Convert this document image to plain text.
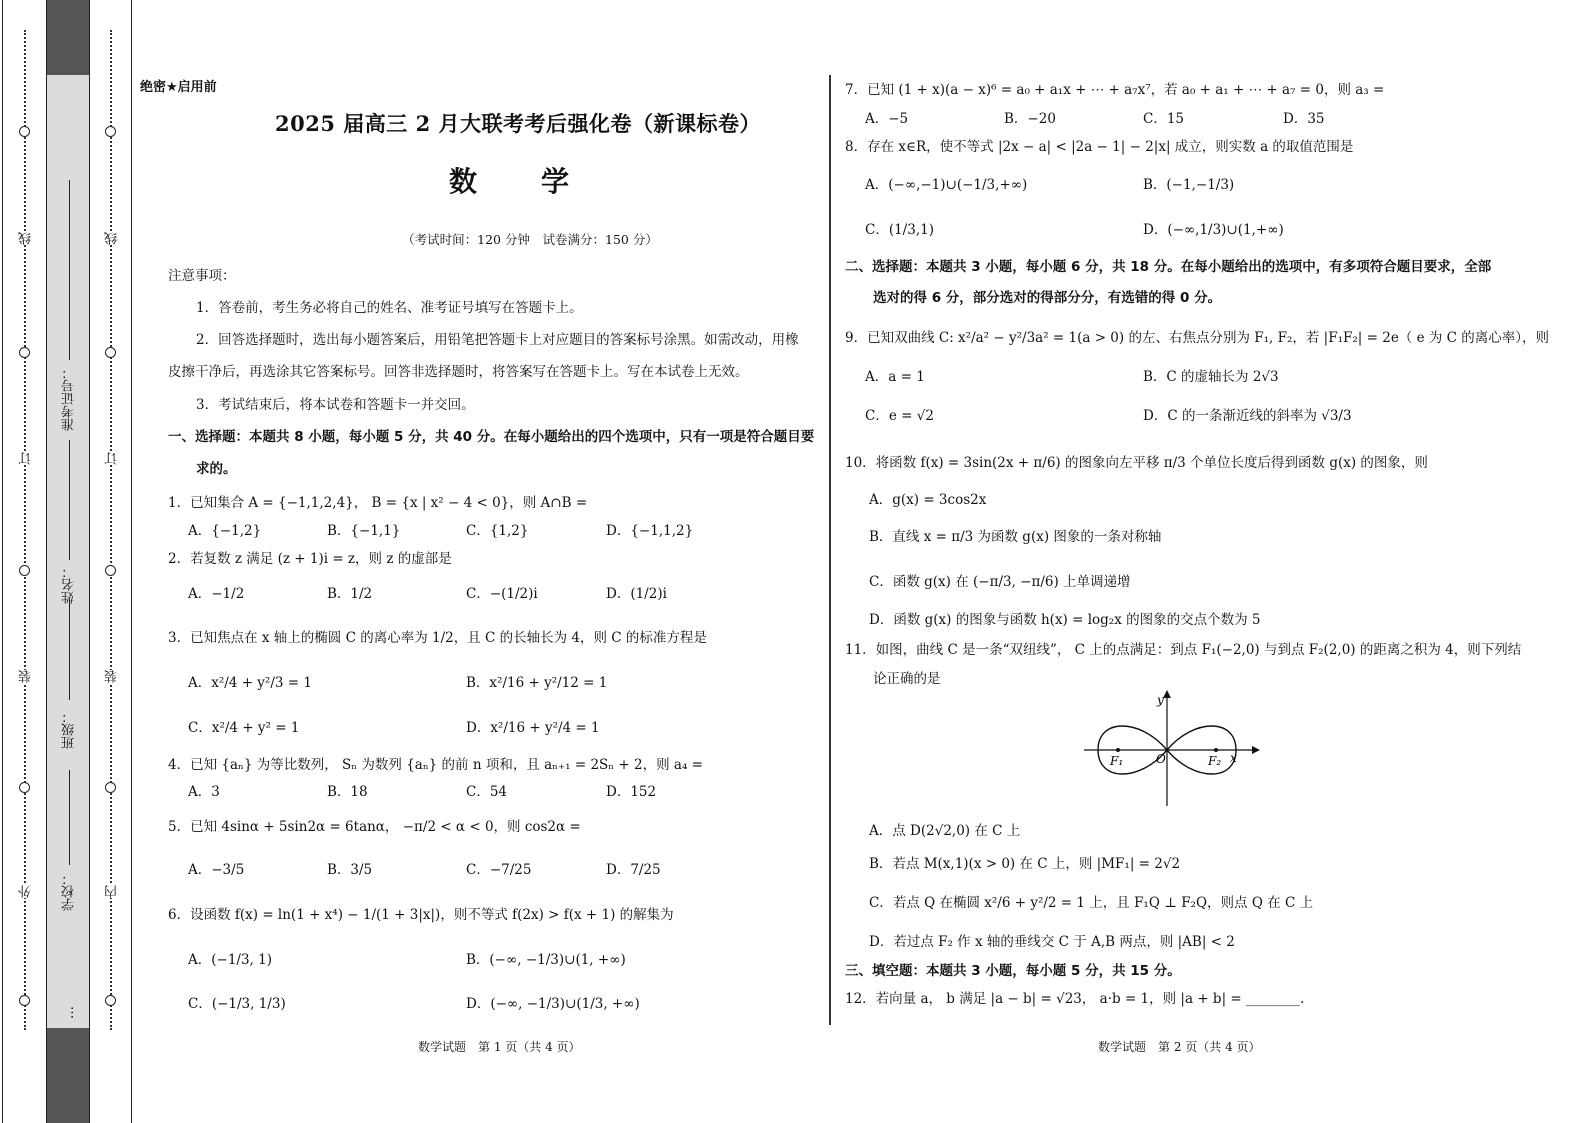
线
订
装
外
线
订
装
内
准考证号：
姓名：
班级：
学校：
…
绝密★启用前
2025 届高三 2 月大联考考后强化卷（新课标卷）
数　学
（考试时间：120 分钟　试卷满分：150 分）
注意事项：
1．答卷前，考生务必将自己的姓名、准考证号填写在答题卡上。
2．回答选择题时，选出每小题答案后，用铅笔把答题卡上对应题目的答案标号涂黑。如需改动，用橡
皮擦干净后，再选涂其它答案标号。回答非选择题时，将答案写在答题卡上。写在本试卷上无效。
3．考试结束后，将本试卷和答题卡一并交回。
一、选择题：本题共 8 小题，每小题 5 分，共 40 分。在每小题给出的四个选项中，只有一项是符合题目要
求的。
1．已知集合 A = {−1,1,2,4}， B = {x | x² − 4 < 0}，则 A∩B =
A．{−1,2}	B．{−1,1}	C．{1,2}	D．{−1,1,2}
2．若复数 z 满足 (z + 1)i = z，则 z 的虚部是
A．−1/2	B．1/2	C．−(1/2)i	D．(1/2)i
3．已知焦点在 x 轴上的椭圆 C 的离心率为 1/2，且 C 的长轴长为 4，则 C 的标准方程是
A．x²/4 + y²/3 = 1	B．x²/16 + y²/12 = 1
C．x²/4 + y² = 1	D．x²/16 + y²/4 = 1
4．已知 {aₙ} 为等比数列， Sₙ 为数列 {aₙ} 的前 n 项和，且 aₙ₊₁ = 2Sₙ + 2，则 a₄ =
A．3	B．18	C．54	D．152
5．已知 4sinα + 5sin2α = 6tanα， −π/2 < α < 0，则 cos2α =
A．−3/5	B．3/5	C．−7/25	D．7/25
6．设函数 f(x) = ln(1 + x⁴) − 1/(1 + 3|x|)，则不等式 f(2x) > f(x + 1) 的解集为
A．(−1/3, 1)	B．(−∞, −1/3)∪(1, +∞)
C．(−1/3, 1/3)	D．(−∞, −1/3)∪(1/3, +∞)
数学试题　第 1 页（共 4 页）
7．已知 (1 + x)(a − x)⁶ = a₀ + a₁x + ⋯ + a₇x⁷，若 a₀ + a₁ + ⋯ + a₇ = 0，则 a₃ =
A．−5	B．−20	C．15	D．35
8．存在 x∈R，使不等式 |2x − a| < |2a − 1| − 2|x| 成立，则实数 a 的取值范围是
A．(−∞,−1)∪(−1/3,+∞)	B．(−1,−1/3)
C．(1/3,1)	D．(−∞,1/3)∪(1,+∞)
二、选择题：本题共 3 小题，每小题 6 分，共 18 分。在每小题给出的选项中，有多项符合题目要求，全部
选对的得 6 分，部分选对的得部分分，有选错的得 0 分。
9．已知双曲线 C: x²/a² − y²/3a² = 1(a > 0) 的左、右焦点分别为 F₁, F₂，若 |F₁F₂| = 2e（ e 为 C 的离心率），则
A．a = 1	B．C 的虚轴长为 2√3
C．e = √2	D．C 的一条渐近线的斜率为 √3/3
10．将函数 f(x) = 3sin(2x + π/6) 的图象向左平移 π/3 个单位长度后得到函数 g(x) 的图象，则
A．g(x) = 3cos2x
B．直线 x = π/3 为函数 g(x) 图象的一条对称轴
C．函数 g(x) 在 (−π/3, −π/6) 上单调递增
D．函数 g(x) 的图象与函数 h(x) = log₂x 的图象的交点个数为 5
11．如图，曲线 C 是一条“双纽线”， C 上的点满足：到点 F₁(−2,0) 与到点 F₂(2,0) 的距离之积为 4，则下列结
论正确的是
y
x
O
F₁	F₂
A．点 D(2√2,0) 在 C 上
B．若点 M(x,1)(x > 0) 在 C 上，则 |MF₁| = 2√2
C．若点 Q 在椭圆 x²/6 + y²/2 = 1 上，且 F₁Q ⊥ F₂Q，则点 Q 在 C 上
D．若过点 F₂ 作 x 轴的垂线交 C 于 A,B 两点，则 |AB| < 2
三、填空题：本题共 3 小题，每小题 5 分，共 15 分。
12．若向量 a， b 满足 |a − b| = √23， a·b = 1，则 |a + b| = ________.
数学试题　第 2 页（共 4 页）
